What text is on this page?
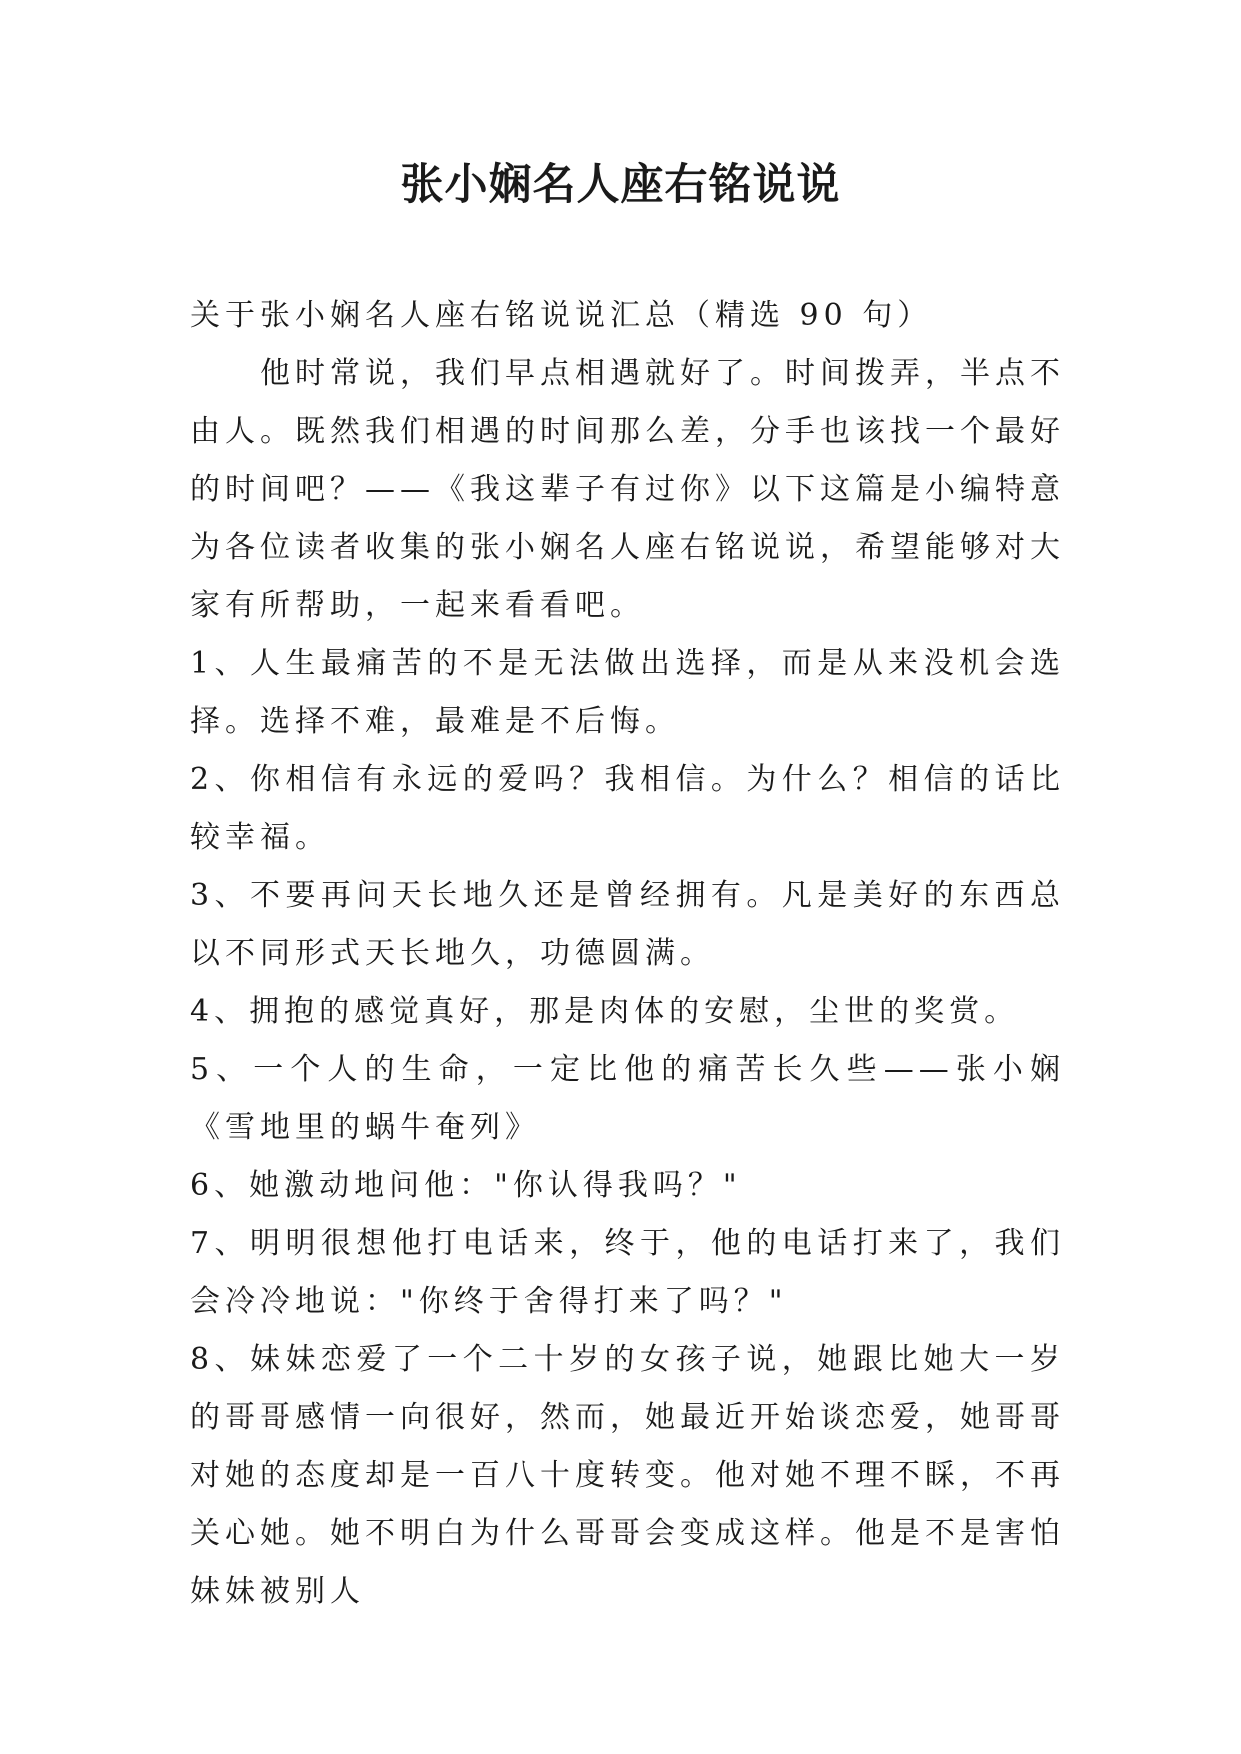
张小娴名人座右铭说说

关于张小娴名人座右铭说说汇总（精选 90 句）

他时常说，我们早点相遇就好了。时间拨弄，半点不由人。既然我们相遇的时间那么差，分手也该找一个最好的时间吧？——《我这辈子有过你》以下这篇是小编特意为各位读者收集的张小娴名人座右铭说说，希望能够对大家有所帮助，一起来看看吧。

1、人生最痛苦的不是无法做出选择，而是从来没机会选择。选择不难，最难是不后悔。

2、你相信有永远的爱吗？我相信。为什么？相信的话比较幸福。

3、不要再问天长地久还是曾经拥有。凡是美好的东西总以不同形式天长地久，功德圆满。

4、拥抱的感觉真好，那是肉体的安慰，尘世的奖赏。

5、一个人的生命，一定比他的痛苦长久些——张小娴《雪地里的蜗牛奄列》

6、她激动地问他："你认得我吗？"

7、明明很想他打电话来，终于，他的电话打来了，我们会冷冷地说："你终于舍得打来了吗？"

8、妹妹恋爱了一个二十岁的女孩子说，她跟比她大一岁的哥哥感情一向很好，然而，她最近开始谈恋爱，她哥哥对她的态度却是一百八十度转变。他对她不理不睬，不再关心她。她不明白为什么哥哥会变成这样。他是不是害怕妹妹被别人
